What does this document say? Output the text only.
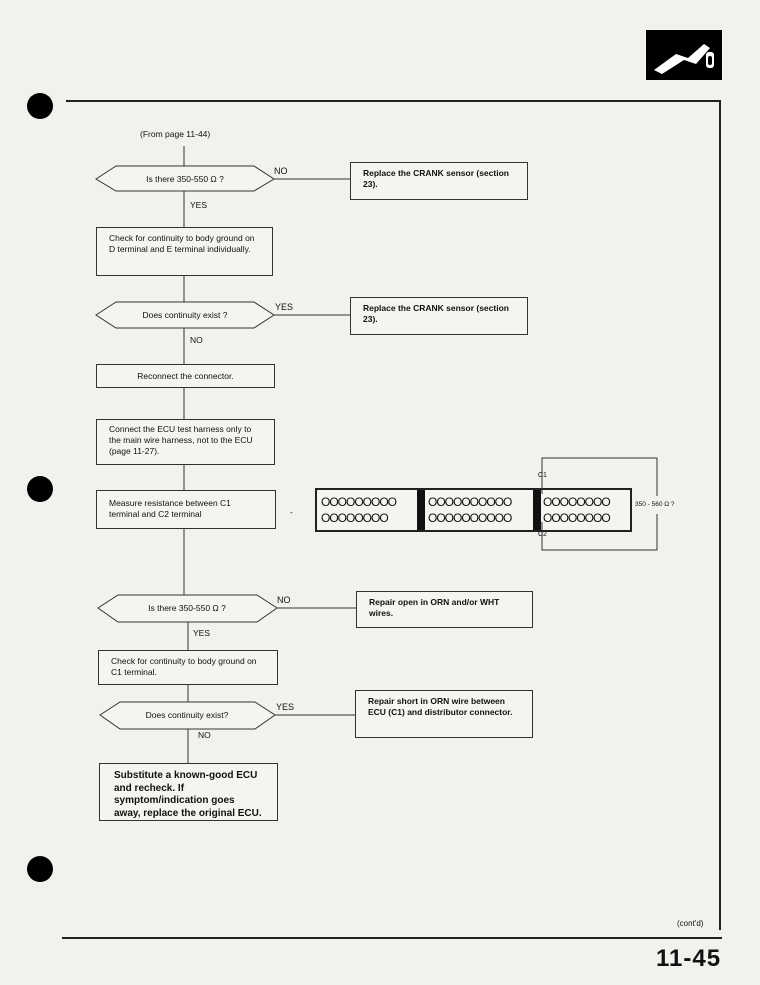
(From page 11-44)
Is there 350-550 Ω ?
NO
YES
Replace the CRANK sensor (section 23).
Check for continuity to body ground on D terminal and E terminal individually.
Does continuity exist ?
YES
NO
Replace the CRANK sensor (section 23).
Reconnect the connector.
Connect the ECU test harness only to the main wire harness, not to the ECU (page 11-27).
Measure resistance between C1 terminal and C2 terminal	-
OOOOOOOOO
OOOOOOOO
OOOOOOOOOO
OOOOOOOOOO
OOOOOOOO
OOOOOOOO
C1
C2
350 - 560 Ω ?
Is there 350-550 Ω ?
NO
YES
Repair open in ORN and/or WHT wires.
Check for continuity to body ground on C1 terminal.
Does continuity exist?
YES
NO
Repair short in ORN wire between ECU (C1) and distributor connector.
Substitute a known-good ECU and recheck. If symptom/indication goes away, replace the original ECU.
(cont'd)
11-45
